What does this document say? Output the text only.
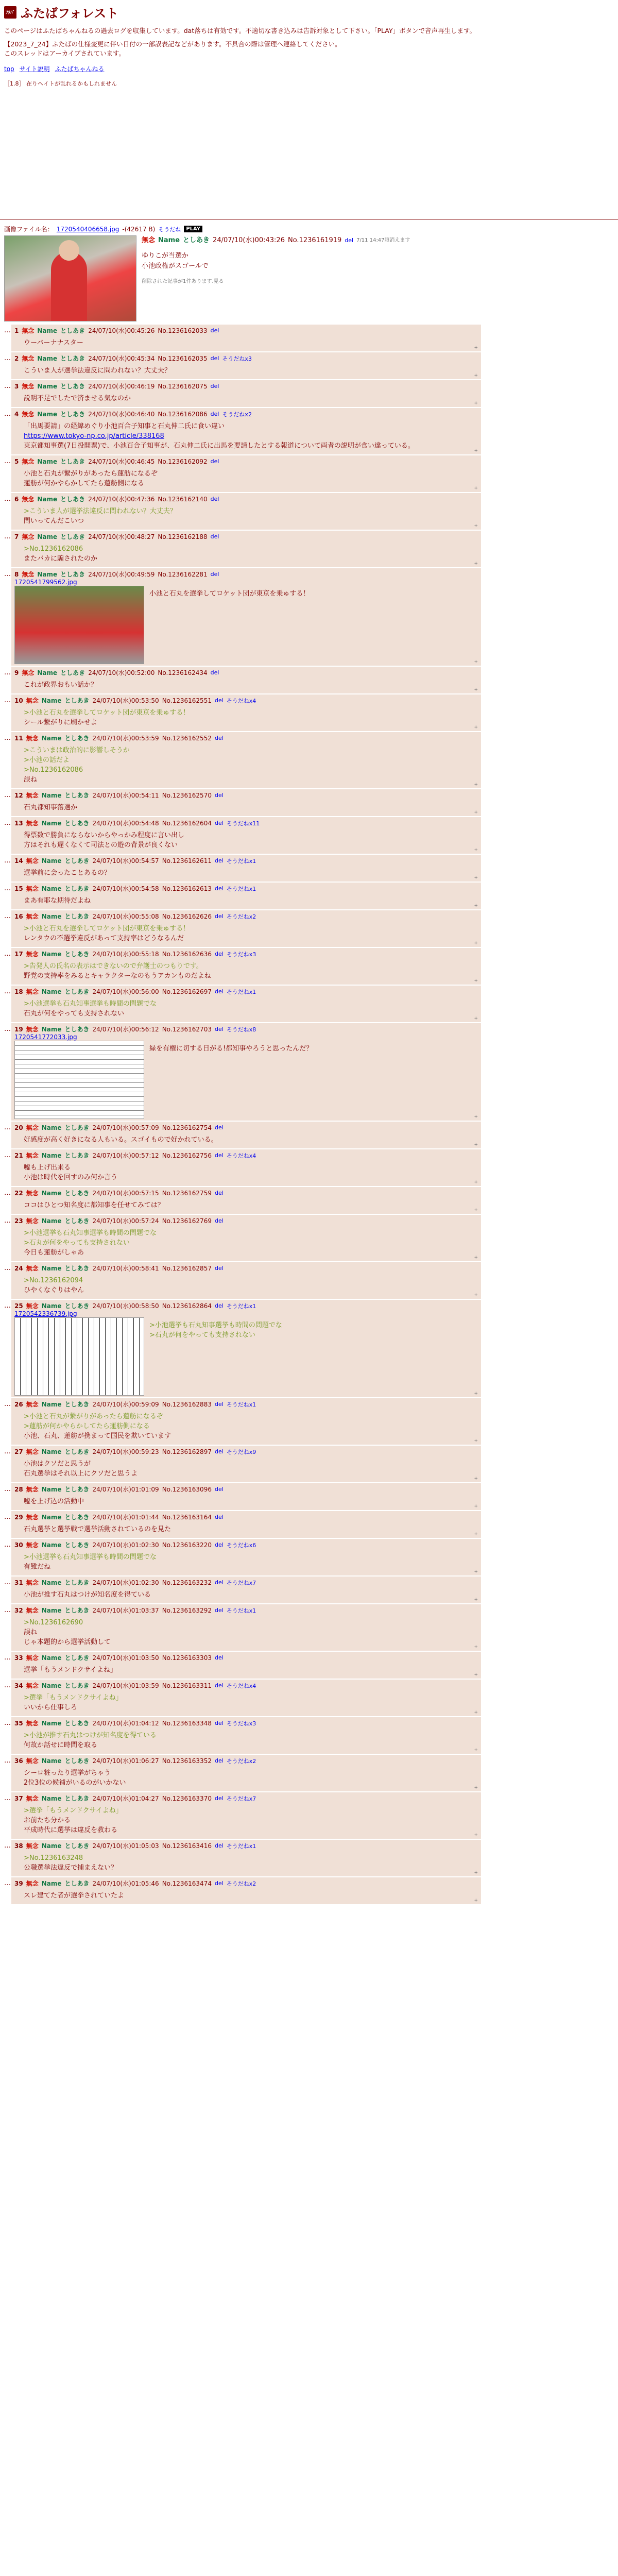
ﾌﾀﾊﾞ ふたばフォレスト

このページはふたばちゃんねるの過去ログを収集しています。dat落ちは有効です。不適切な書き込みは告訴対象として下さい。「PLAY」ボタンで音声再生します。

【2023_7_24】ふたばの仕様変更に伴い日付の一部誤表記などがあります。不具合の際は管理へ連絡してください。

このスレッドはアーカイブされています。

top サイト説明 ふたばちゃんねる
［1.8］ 在りヘイトが乱れるかもしれません
画像ファイル名： 1720540406658.jpg -(42617 B) そうだね	PLAY
無念 Name としあき 24/07/10(水)00:43:26 No.1236161919 del 7/11 14:47頃消えます
ゆりこが当選か
小池政権がスゴールで
削除された記事が1件あります.見る
… 1 無念 Name としあき 24/07/10(水)00:45:26 No.1236162033 del
ウーバーナナスター
+
… 2 無念 Name としあき 24/07/10(水)00:45:34 No.1236162035 del そうだねx3
こういま人が選挙法違反に問われない？大丈夫？
+
… 3 無念 Name としあき 24/07/10(水)00:46:19 No.1236162075 del
説明不足でしたで済ませる気なのか
+
… 4 無念 Name としあき 24/07/10(水)00:46:40 No.1236162086 del そうだねx2
「出馬要請」の経緯めぐり小池百合子知事と石丸伸二氏に食い違い
https://www.tokyo-np.co.jp/article/338168
東京都知事選(7日投開票)で、小池百合子知事が、石丸伸二氏に出馬を要請したとする報道について両者の説明が食い違っている。
+
… 5 無念 Name としあき 24/07/10(水)00:46:45 No.1236162092 del
小池と石丸が繋がりがあったら蓮舫になるぞ
蓮舫が何かやらかしてたら蓮舫側になる
+
… 6 無念 Name としあき 24/07/10(水)00:47:36 No.1236162140 del
>こういま人が選挙法違反に問われない？大丈夫？
問いってんだこいつ
+
… 7 無念 Name としあき 24/07/10(水)00:48:27 No.1236162188 del
>No.1236162086
またバカに騙されたのか
+
… 8 無念 Name としあき 24/07/10(水)00:49:59 No.1236162281 del
1720541799562.jpg
小池と石丸を選挙してロケット団が東京を乗ゅする！
+
… 9 無念 Name としあき 24/07/10(水)00:52:00 No.1236162434 del
これが政界おもい話か？
+
… 10 無念 Name としあき 24/07/10(水)00:53:50 No.1236162551 del そうだねx4
>小池と石丸を選挙してロケット団が東京を乗ゅする！
シール繋がりに刷かせよ
+
… 11 無念 Name としあき 24/07/10(水)00:53:59 No.1236162552 del
>こういまは政治的に影響しそうか
>小池の話だよ
>No.1236162086
誤ね
+
… 12 無念 Name としあき 24/07/10(水)00:54:11 No.1236162570 del
石丸都知事落選か
+
… 13 無念 Name としあき 24/07/10(水)00:54:48 No.1236162604 del そうだねx11
得票数で勝負にならないからやっかみ程度に言い出し
方はそれも遅くなくて司法との遊の背景が良くない
+
… 14 無念 Name としあき 24/07/10(水)00:54:57 No.1236162611 del そうだねx1
選挙前に会ったことあるの？
+
… 15 無念 Name としあき 24/07/10(水)00:54:58 No.1236162613 del そうだねx1
まあ有耶な期待だよね
+
… 16 無念 Name としあき 24/07/10(水)00:55:08 No.1236162626 del そうだねx2
>小池と石丸を選挙してロケット団が東京を乗ゅする！
レンタウの不選挙違反があって支持率はどうなるんだ
+
… 17 無念 Name としあき 24/07/10(水)00:55:18 No.1236162636 del そうだねx3
>告発人の氏名の表示はできないので弁護士のつもりです。
野党の支持率をみるとキャラクターなのもうアカンものだよね
+
… 18 無念 Name としあき 24/07/10(水)00:56:00 No.1236162697 del そうだねx1
>小池選挙も石丸知事選挙も時間の問題でな
石丸が何をやっても支持されない
+
… 19 無念 Name としあき 24/07/10(水)00:56:12 No.1236162703 del そうだねx8
1720541772033.jpg
緑を有権に切する日がる!都知事やろうと思ったんだ？
+
… 20 無念 Name としあき 24/07/10(水)00:57:09 No.1236162754 del
好感度が高く好きになる人もいる。スゴイもので好かれている。
+
… 21 無念 Name としあき 24/07/10(水)00:57:12 No.1236162756 del そうだねx4
嘘も上げ出来る
小池は時代を回すのみ何か言う
+
… 22 無念 Name としあき 24/07/10(水)00:57:15 No.1236162759 del
ココはひとつ知名度に都知事を任せてみては？
+
… 23 無念 Name としあき 24/07/10(水)00:57:24 No.1236162769 del
>小池選挙も石丸知事選挙も時間の問題でな
>石丸が何をやっても支持されない
今日も蓮舫がしゃあ
+
… 24 無念 Name としあき 24/07/10(水)00:58:41 No.1236162857 del
>No.1236162094
ひやくなぐりはやん
+
… 25 無念 Name としあき 24/07/10(水)00:58:50 No.1236162864 del そうだねx1
1720542336739.jpg
>小池選挙も石丸知事選挙も時間の問題でな
>石丸が何をやっても支持されない
+
… 26 無念 Name としあき 24/07/10(水)00:59:09 No.1236162883 del そうだねx1
>小池と石丸が繋がりがあったら蓮舫になるぞ
>蓮舫が何かやらかしてたら蓮舫側になる
小池、石丸、蓮舫が携まって国民を欺いています
+
… 27 無念 Name としあき 24/07/10(水)00:59:23 No.1236162897 del そうだねx9
小池はクソだと思うが
石丸選挙はそれ以上にクソだと思うよ
+
… 28 無念 Name としあき 24/07/10(水)01:01:09 No.1236163096 del
嘘を上げ込の活動中
+
… 29 無念 Name としあき 24/07/10(水)01:01:44 No.1236163164 del
石丸選挙と選挙戦で選挙活動されているのを見た
+
… 30 無念 Name としあき 24/07/10(水)01:02:30 No.1236163220 del そうだねx6
>小池選挙も石丸知事選挙も時間の問題でな
有難だね
+
… 31 無念 Name としあき 24/07/10(水)01:02:30 No.1236163232 del そうだねx7
小池が推す石丸はつけが知名度を得ている
+
… 32 無念 Name としあき 24/07/10(水)01:03:37 No.1236163292 del そうだねx1
>No.1236162690
誤ね
じゃ本題的から選挙活動して
+
… 33 無念 Name としあき 24/07/10(水)01:03:50 No.1236163303 del
選挙「もうメンドクサイよね」
+
… 34 無念 Name としあき 24/07/10(水)01:03:59 No.1236163311 del そうだねx4
>選挙「もうメンドクサイよね」
いいから仕事しろ
+
… 35 無念 Name としあき 24/07/10(水)01:04:12 No.1236163348 del そうだねx3
>小池が推す石丸はつけが知名度を得ている
何故か話せに時間を取る
+
… 36 無念 Name としあき 24/07/10(水)01:06:27 No.1236163352 del そうだねx2
シーロ粧ったり選挙がちゃう
2位3位の候補がいるのがいかない
+
… 37 無念 Name としあき 24/07/10(水)01:04:27 No.1236163370 del そうだねx7
>選挙「もうメンドクサイよね」
お前たち分かる
平成時代に選挙は違反を教わる
+
… 38 無念 Name としあき 24/07/10(水)01:05:03 No.1236163416 del そうだねx1
>No.1236163248
公職選挙法違反で捕まえない？
+
… 39 無念 Name としあき 24/07/10(水)01:05:46 No.1236163474 del そうだねx2
スレ建てた者が選挙されていたよ
+
